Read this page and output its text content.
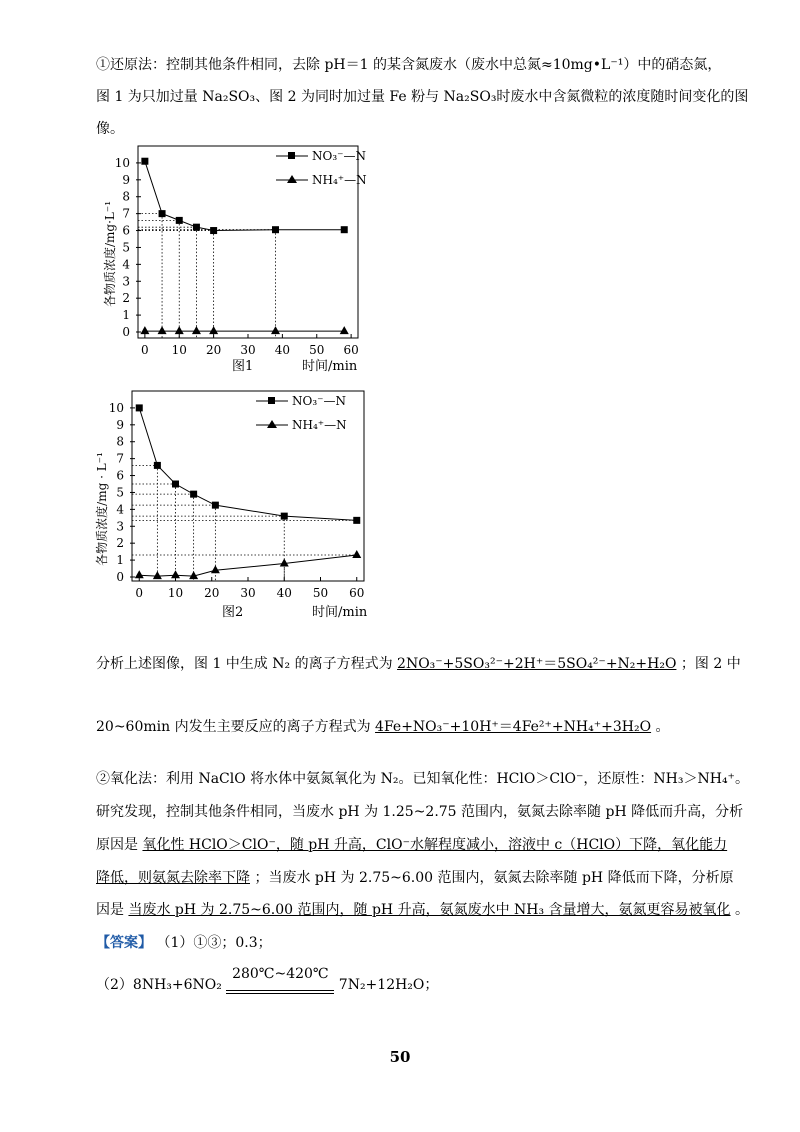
①还原法：控制其他条件相同，去除 pH＝1 的某含氮废水（废水中总氮≈10mg•L⁻¹）中的硝态氮，
图 1 为只加过量 Na₂SO₃、图 2 为同时加过量 Fe 粉与 Na₂SO₃时废水中含氮微粒的浓度随时间变化的图
像。
0
1
2
3
4
5
6
7
8
9
10
0 10 20 30 40 50 60
各物质浓度/mg·L⁻¹
图1	时间/min
NO₃⁻—N
NH₄⁺—N
0
1
2
3
4
5
6
7
8
9
10
0 10 20 30 40 50 60
各物质浓度/mg · L⁻¹
图2	时间/min
NO₃⁻—N
NH₄⁺—N
分析上述图像，图 1 中生成 N₂ 的离子方程式为 2NO₃⁻+5SO₃²⁻+2H⁺＝5SO₄²⁻+N₂+H₂O ；图 2 中
20~60min 内发生主要反应的离子方程式为 4Fe+NO₃⁻+10H⁺＝4Fe²⁺+NH₄⁺+3H₂O 。
②氧化法：利用 NaClO 将水体中氨氮氧化为 N₂。已知氧化性：HClO＞ClO⁻，还原性：NH₃＞NH₄⁺。
研究发现，控制其他条件相同，当废水 pH 为 1.25~2.75 范围内，氨氮去除率随 pH 降低而升高，分析
原因是 氧化性 HClO＞ClO⁻，随 pH 升高，ClO⁻水解程度减小，溶液中 c（HClO）下降，氧化能力
降低，则氨氮去除率下降 ；当废水 pH 为 2.75~6.00 范围内，氨氮去除率随 pH 降低而下降，分析原
因是 当废水 pH 为 2.75~6.00 范围内，随 pH 升高，氨氮废水中 NH₃ 含量增大，氨氮更容易被氧化 。
【答案】 （1）①③；0.3；
（2）8NH₃+6NO₂
280℃~420℃
7N₂+12H₂O；
50
